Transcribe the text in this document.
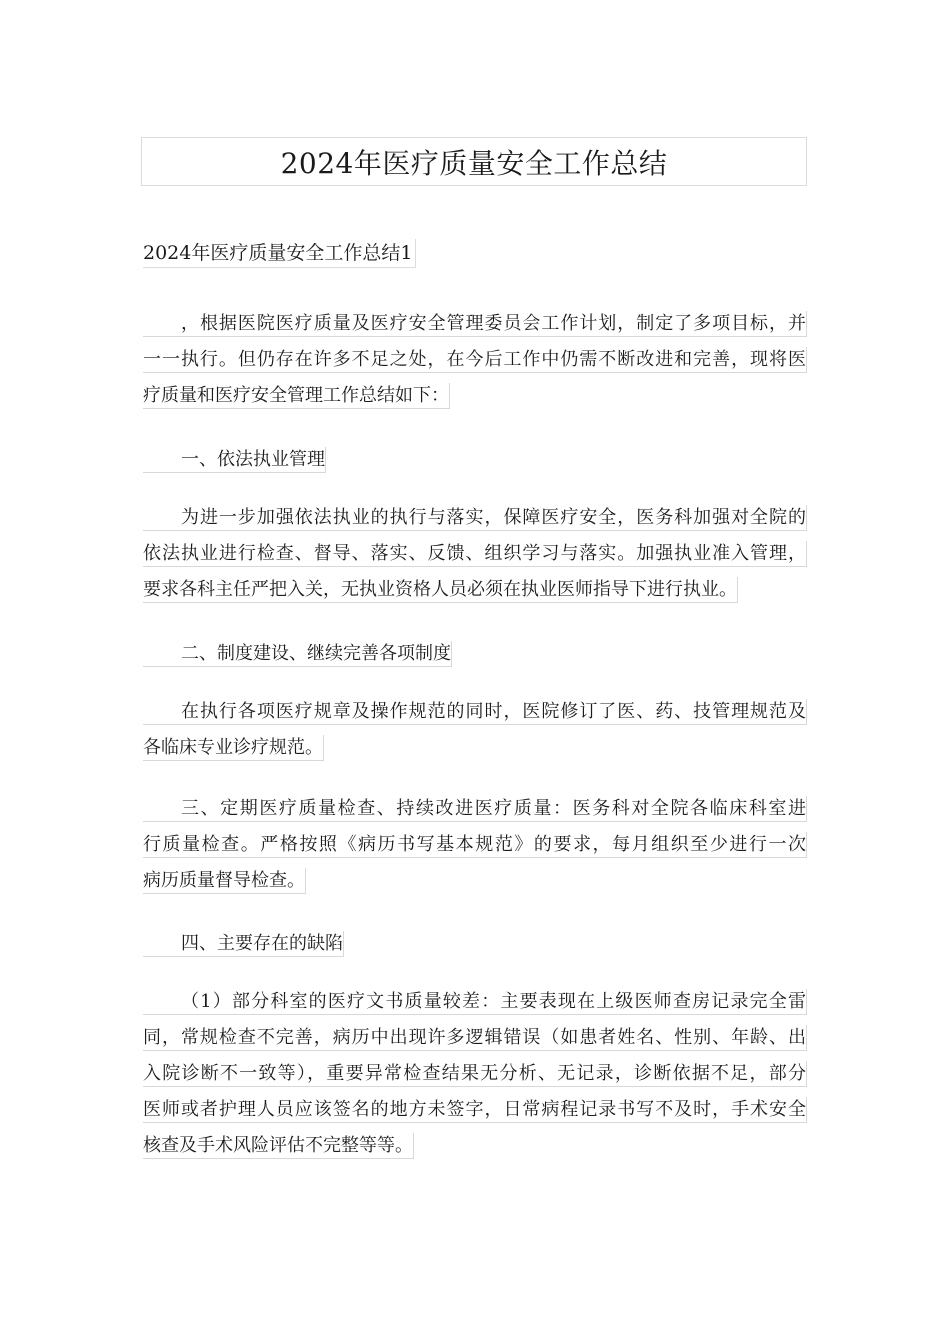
2024年医疗质量安全工作总结
2024年医疗质量安全工作总结1
，根据医院医疗质量及医疗安全管理委员会工作计划，制定了多项目标，并
一一执行。但仍存在许多不足之处，在今后工作中仍需不断改进和完善，现将医
疗质量和医疗安全管理工作总结如下：
一、依法执业管理
为进一步加强依法执业的执行与落实，保障医疗安全，医务科加强对全院的
依法执业进行检查、督导、落实、反馈、组织学习与落实。加强执业准入管理，
要求各科主任严把入关，无执业资格人员必须在执业医师指导下进行执业。
二、制度建设、继续完善各项制度
在执行各项医疗规章及操作规范的同时，医院修订了医、药、技管理规范及
各临床专业诊疗规范。
三、定期医疗质量检查、持续改进医疗质量：医务科对全院各临床科室进
行质量检查。严格按照《病历书写基本规范》的要求，每月组织至少进行一次
病历质量督导检查。
四、主要存在的缺陷
（1）部分科室的医疗文书质量较差：主要表现在上级医师查房记录完全雷
同，常规检查不完善，病历中出现许多逻辑错误（如患者姓名、性别、年龄、出
入院诊断不一致等），重要异常检查结果无分析、无记录，诊断依据不足，部分
医师或者护理人员应该签名的地方未签字，日常病程记录书写不及时，手术安全
核查及手术风险评估不完整等等。
